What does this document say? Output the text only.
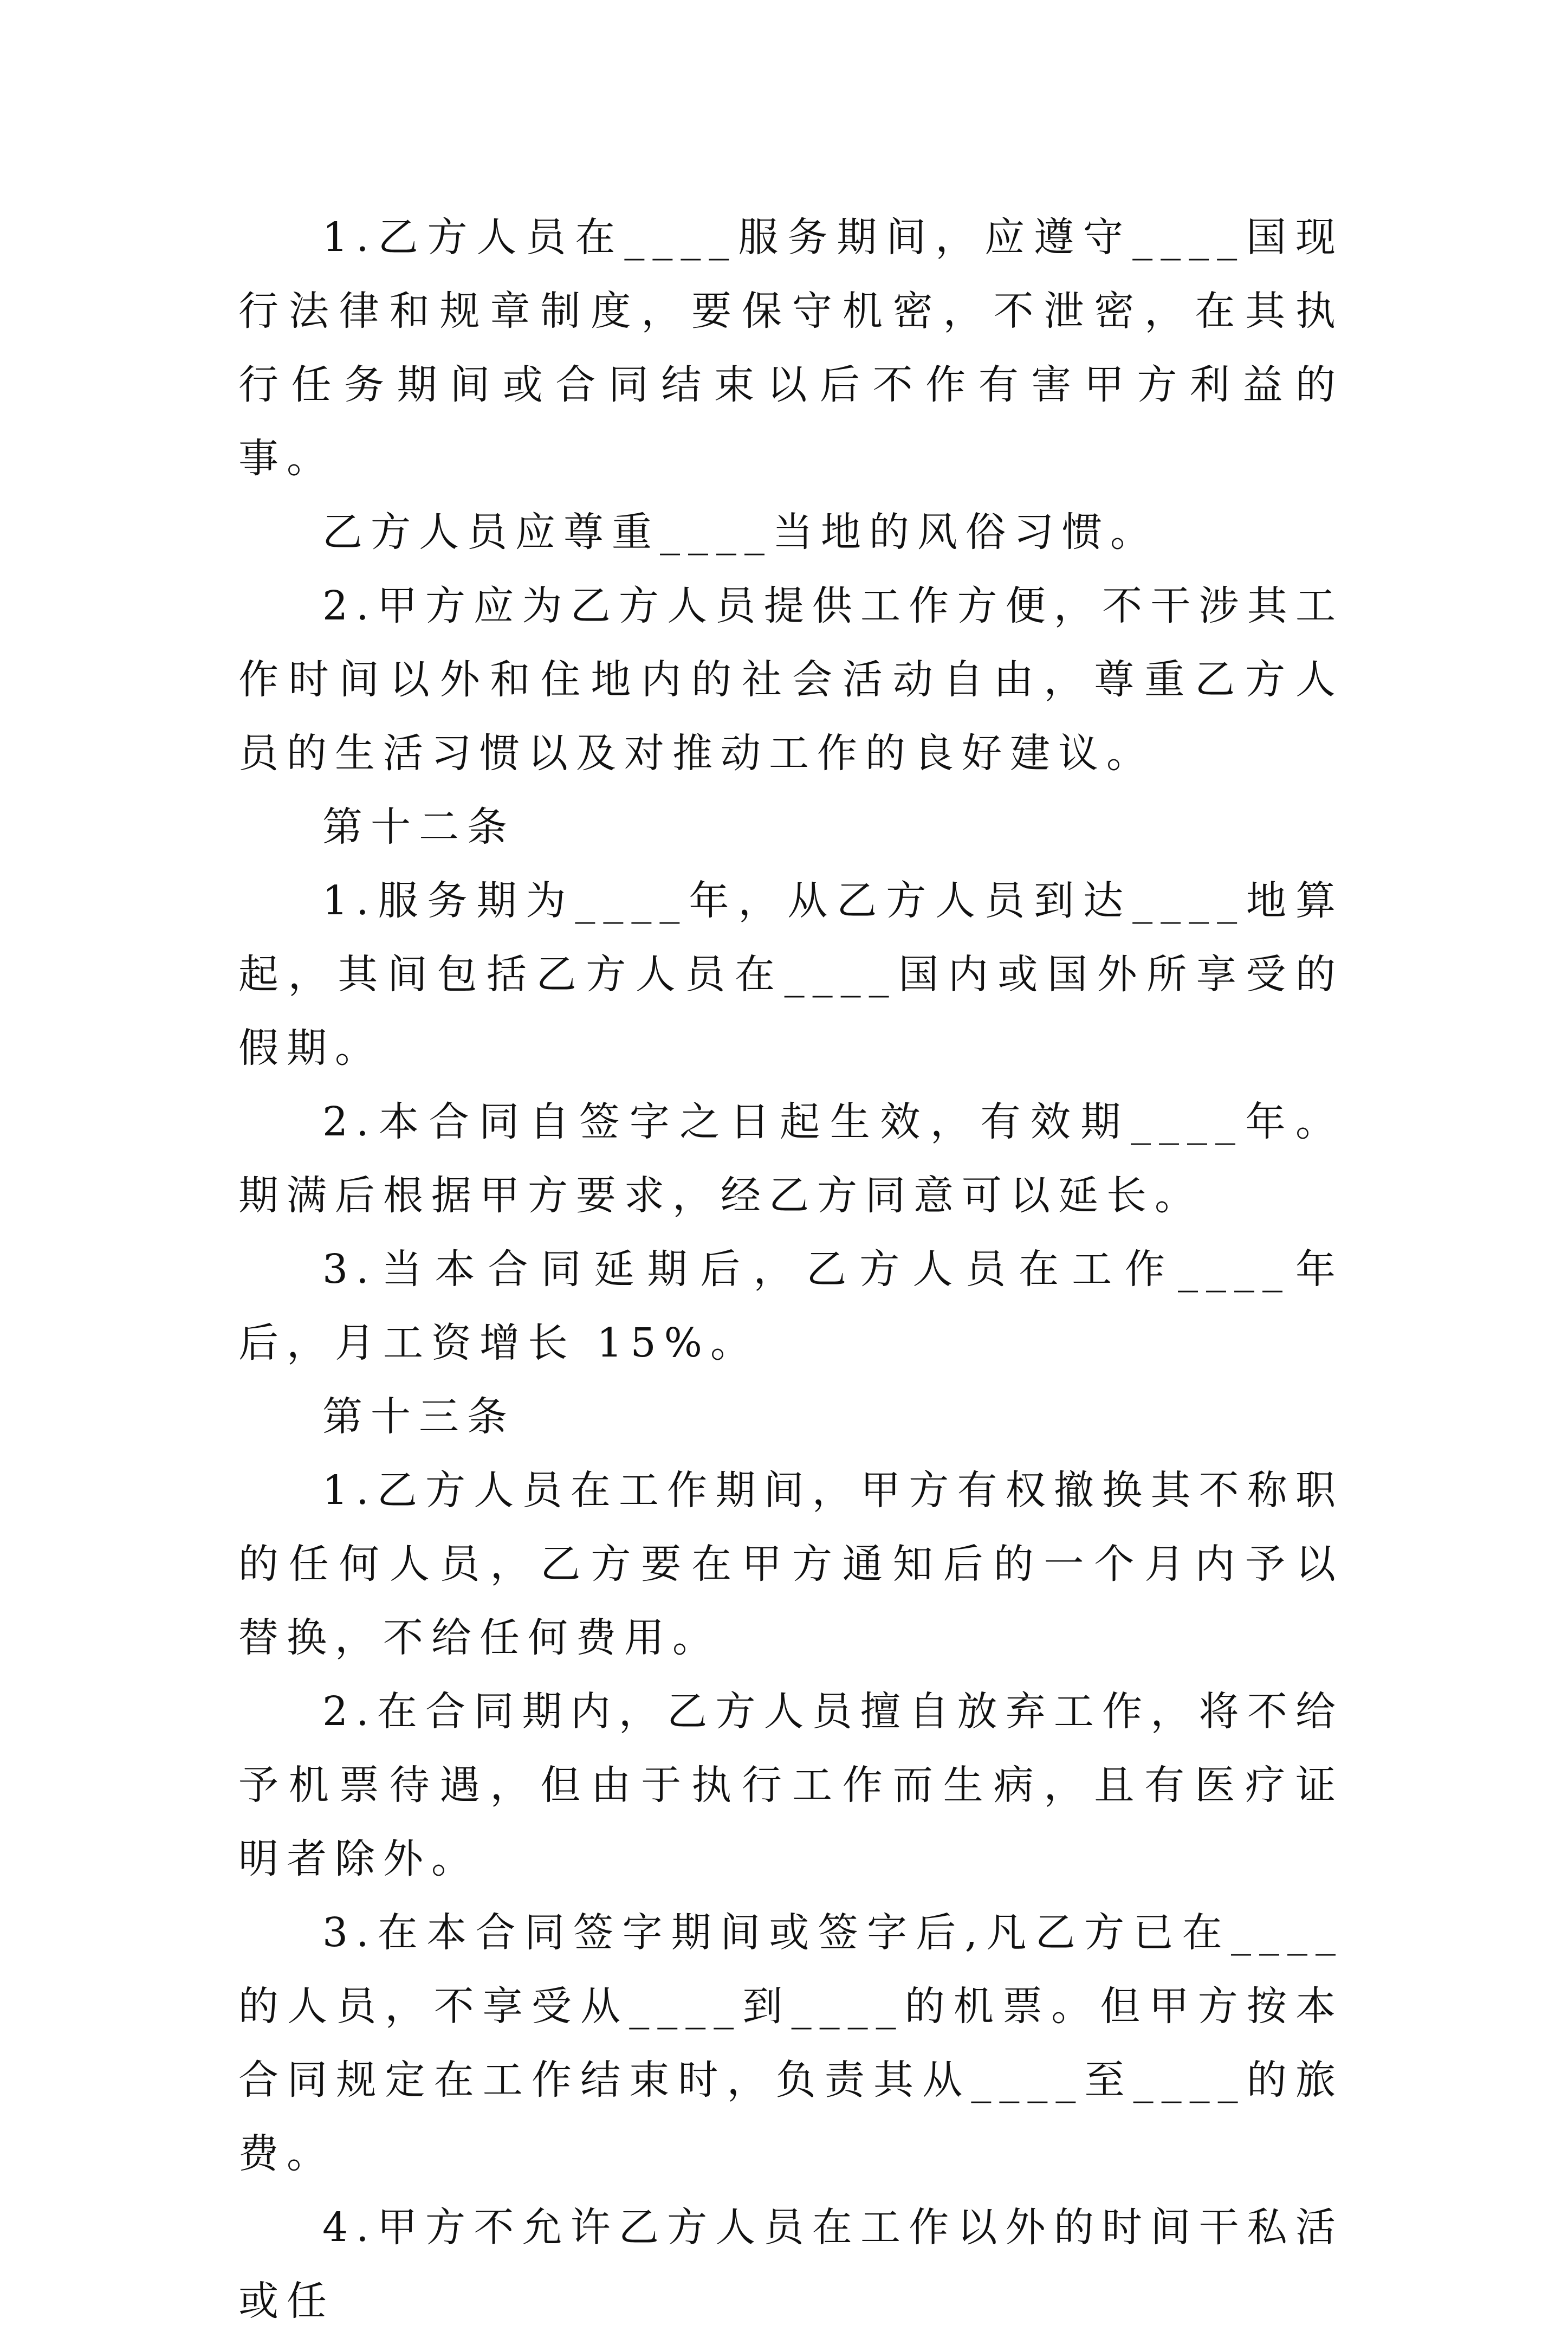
1.乙方人员在____服务期间，应遵守____国现行法律和规章制度，要保守机密，不泄密，在其执行任务期间或合同结束以后不作有害甲方利益的事。

乙方人员应尊重____当地的风俗习惯。

2.甲方应为乙方人员提供工作方便，不干涉其工作时间以外和住地内的社会活动自由，尊重乙方人员的生活习惯以及对推动工作的良好建议。

第十二条

1.服务期为____年，从乙方人员到达____地算起，其间包括乙方人员在____国内或国外所享受的假期。

2.本合同自签字之日起生效，有效期____年。期满后根据甲方要求，经乙方同意可以延长。

3.当本合同延期后，乙方人员在工作____年后，月工资增长 15%。

第十三条

1.乙方人员在工作期间，甲方有权撤换其不称职的任何人员，乙方要在甲方通知后的一个月内予以替换，不给任何费用。

2.在合同期内，乙方人员擅自放弃工作，将不给予机票待遇，但由于执行工作而生病，且有医疗证明者除外。

3.在本合同签字期间或签字后,凡乙方已在____的人员，不享受从____到____的机票。但甲方按本合同规定在工作结束时，负责其从____至____的旅费。

4.甲方不允许乙方人员在工作以外的时间干私活或任
